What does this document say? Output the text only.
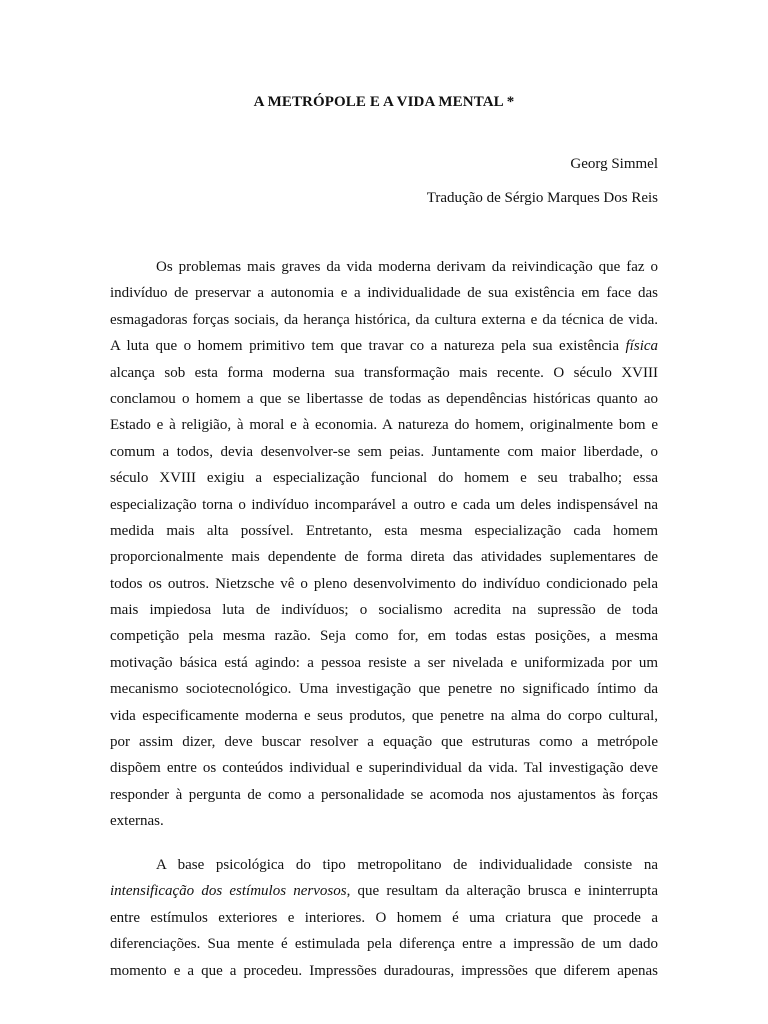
A METRÓPOLE E A VIDA MENTAL *
Georg Simmel
Tradução de Sérgio Marques Dos Reis
Os problemas mais graves da vida moderna derivam da reivindicação que faz o
indivíduo de preservar a autonomia e a individualidade de sua existência em face das
esmagadoras forças sociais, da herança histórica, da cultura externa e da técnica de vida.
A luta que o homem primitivo tem que travar co a natureza pela sua existência física
alcança sob esta forma moderna sua transformação mais recente. O século XVIII
conclamou o homem a que se libertasse de todas as dependências históricas quanto ao
Estado e à religião, à moral e à economia. A natureza do homem, originalmente bom e
comum a todos, devia desenvolver-se sem peias. Juntamente com maior liberdade, o
século XVIII exigiu a especialização funcional do homem e seu trabalho; essa
especialização torna o indivíduo incomparável a outro e cada um deles indispensável na
medida mais alta possível. Entretanto, esta mesma especialização cada homem
proporcionalmente mais dependente de forma direta das atividades suplementares de
todos os outros. Nietzsche vê o pleno desenvolvimento do indivíduo condicionado pela
mais impiedosa luta de indivíduos; o socialismo acredita na supressão de toda
competição pela mesma razão. Seja como for, em todas estas posições, a mesma
motivação básica está agindo: a pessoa resiste a ser nivelada e uniformizada por um
mecanismo sociotecnológico. Uma investigação que penetre no significado íntimo da
vida especificamente moderna e seus produtos, que penetre na alma do corpo cultural,
por assim dizer, deve buscar resolver a equação que estruturas como a metrópole
dispõem entre os conteúdos individual e superindividual da vida. Tal investigação deve
responder à pergunta de como a personalidade se acomoda nos ajustamentos às forças
externas.
A base psicológica do tipo metropolitano de individualidade consiste na
intensificação dos estímulos nervosos, que resultam da alteração brusca e ininterrupta
entre estímulos exteriores e interiores. O homem é uma criatura que procede a
diferenciações. Sua mente é estimulada pela diferença entre a impressão de um dado
momento e a que a procedeu. Impressões duradouras, impressões que diferem apenas
